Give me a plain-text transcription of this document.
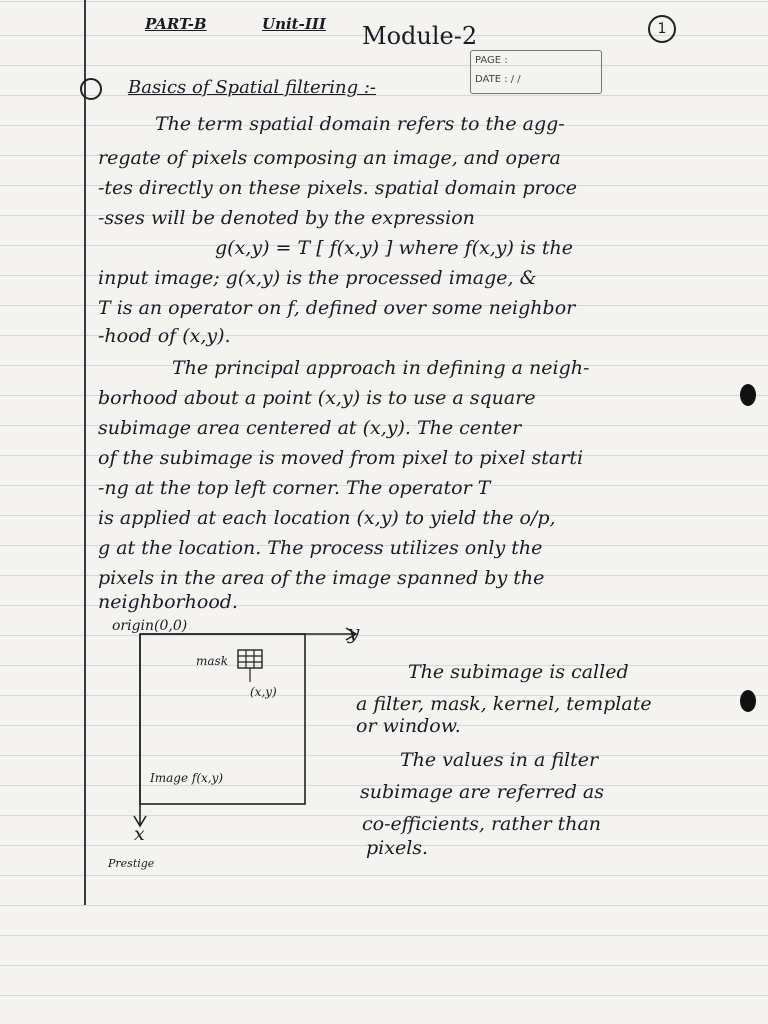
PART-B	Unit-III Module-2	1
PAGE :
DATE : / /
Basics of Spatial filtering :-
The term spatial domain refers to the agg-
regate of pixels composing an image, and opera
-tes directly on these pixels. spatial domain proce
-sses will be denoted by the expression
g(x,y) = T [ f(x,y) ] where f(x,y) is the
input image; g(x,y) is the processed image, &
T is an operator on f, defined over some neighbor
-hood of (x,y).
The principal approach in defining a neigh-
borhood about a point (x,y) is to use a square
subimage area centered at (x,y). The center
of the subimage is moved from pixel to pixel starti
-ng at the top left corner. The operator T
is applied at each location (x,y) to yield the o/p,
g at the location. The process utilizes only the
pixels in the area of the image spanned by the
neighborhood.
origin(0,0)	y
mask
(x,y)
Image f(x,y)
x
The subimage is called
a filter, mask, kernel, template
or window.
The values in a filter
subimage are referred as
co-efficients, rather than
pixels.
Prestige
